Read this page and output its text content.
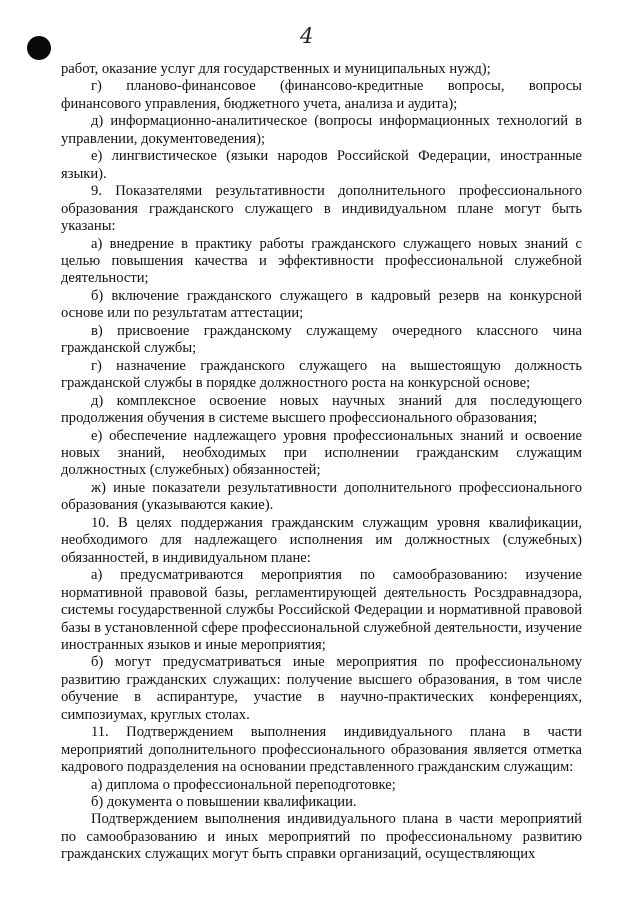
4

работ, оказание услуг для государственных и муниципальных нужд);

г) планово-финансовое (финансово-кредитные вопросы, вопросы финансового управления, бюджетного учета, анализа и аудита);

д) информационно-аналитическое (вопросы информационных технологий в управлении, документоведения);

е) лингвистическое (языки народов Российской Федерации, иностранные языки).

9. Показателями результативности дополнительного профессионального образования гражданского служащего в индивидуальном плане могут быть указаны:

а) внедрение в практику работы гражданского служащего новых знаний с целью повышения качества и эффективности профессиональной служебной деятельности;

б) включение гражданского служащего в кадровый резерв на конкурсной основе или по результатам аттестации;

в) присвоение гражданскому служащему очередного классного чина гражданской службы;

г) назначение гражданского служащего на вышестоящую должность гражданской службы в порядке должностного роста на конкурсной основе;

д) комплексное освоение новых научных знаний для последующего продолжения обучения в системе высшего профессионального образования;

е) обеспечение надлежащего уровня профессиональных знаний и освоение новых знаний, необходимых при исполнении гражданским служащим должностных (служебных) обязанностей;

ж) иные показатели результативности дополнительного профессионального образования (указываются какие).

10. В целях поддержания гражданским служащим уровня квалификации, необходимого для надлежащего исполнения им должностных (служебных) обязанностей, в индивидуальном плане:

а) предусматриваются мероприятия по самообразованию: изучение нормативной правовой базы, регламентирующей деятельность Росздравнадзора, системы государственной службы Российской Федерации и нормативной правовой базы в установленной сфере профессиональной служебной деятельности, изучение иностранных языков и иные мероприятия;

б) могут предусматриваться иные мероприятия по профессиональному развитию гражданских служащих: получение высшего образования, в том числе обучение в аспирантуре, участие в научно-практических конференциях, симпозиумах, круглых столах.

11. Подтверждением выполнения индивидуального плана в части мероприятий дополнительного профессионального образования является отметка кадрового подразделения на основании представленного гражданским служащим:

а) диплома о профессиональной переподготовке;

б) документа о повышении квалификации.

Подтверждением выполнения индивидуального плана в части мероприятий по самообразованию и иных мероприятий по профессиональному развитию гражданских служащих могут быть справки организаций, осуществляющих
